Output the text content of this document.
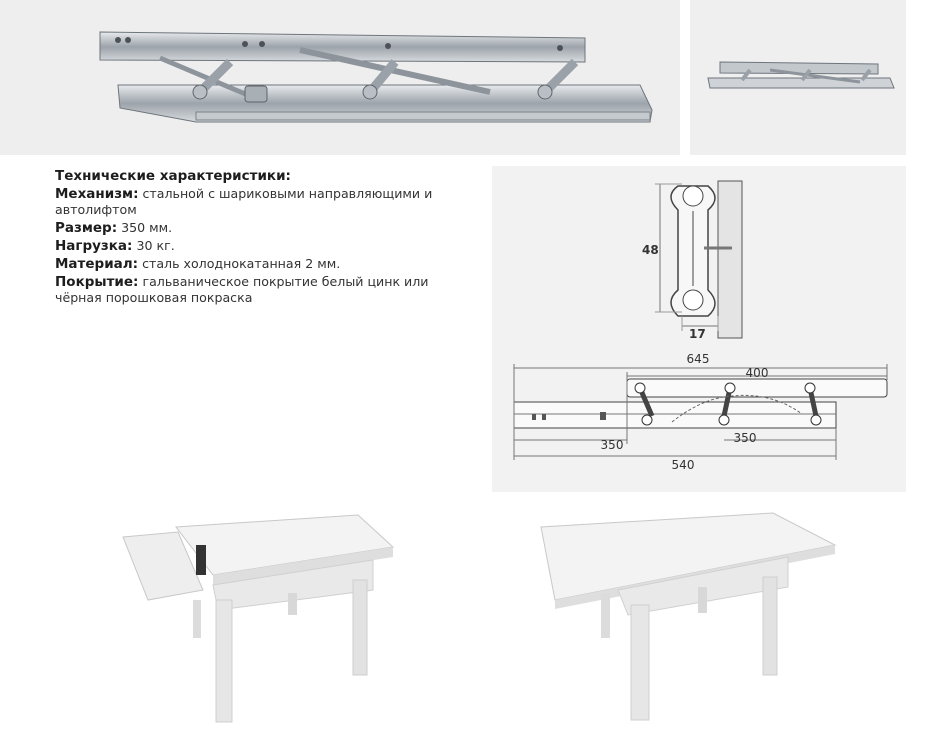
Технические характеристики:
Механизм: стальной с шариковыми направляющими и автолифтом
Размер: 350 мм.
Нагрузка: 30 кг.
Материал: сталь холоднокатанная 2 мм.
Покрытие: гальваническое покрытие белый цинк или чёрная порошковая покраска
48
17
645
400
350	350
540
